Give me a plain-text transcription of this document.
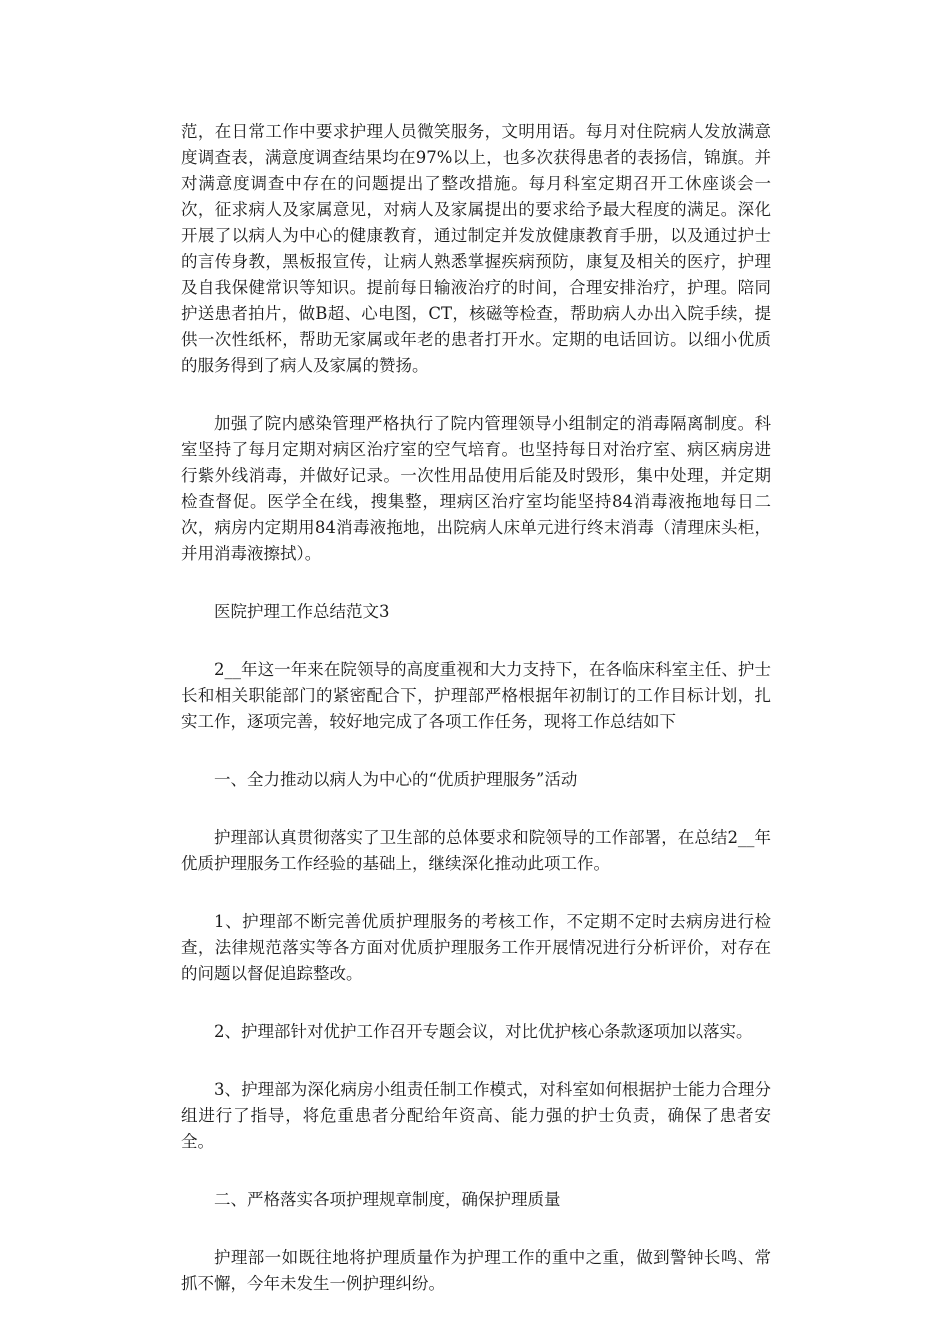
范，在日常工作中要求护理人员微笑服务，文明用语。每月对住院病人发放满意度调查表，满意度调查结果均在97%以上，也多次获得患者的表扬信，锦旗。并对满意度调查中存在的问题提出了整改措施。每月科室定期召开工休座谈会一次，征求病人及家属意见，对病人及家属提出的要求给予最大程度的满足。深化开展了以病人为中心的健康教育，通过制定并发放健康教育手册，以及通过护士的言传身教，黑板报宣传，让病人熟悉掌握疾病预防，康复及相关的医疗，护理及自我保健常识等知识。提前每日输液治疗的时间，合理安排治疗，护理。陪同护送患者拍片，做B超、心电图，CT，核磁等检查，帮助病人办出入院手续，提供一次性纸杯，帮助无家属或年老的患者打开水。定期的电话回访。以细小优质的服务得到了病人及家属的赞扬。

加强了院内感染管理严格执行了院内管理领导小组制定的消毒隔离制度。科室坚持了每月定期对病区治疗室的空气培育。也坚持每日对治疗室、病区病房进行紫外线消毒，并做好记录。一次性用品使用后能及时毁形，集中处理，并定期检查督促。医学全在线，搜集整，理病区治疗室均能坚持84消毒液拖地每日二次，病房内定期用84消毒液拖地，出院病人床单元进行终末消毒（清理床头柜，并用消毒液擦拭）。

医院护理工作总结范文3

2__年这一年来在院领导的高度重视和大力支持下，在各临床科室主任、护士长和相关职能部门的紧密配合下，护理部严格根据年初制订的工作目标计划，扎实工作，逐项完善，较好地完成了各项工作任务，现将工作总结如下

一、全力推动以病人为中心的“优质护理服务”活动

护理部认真贯彻落实了卫生部的总体要求和院领导的工作部署，在总结2__年优质护理服务工作经验的基础上，继续深化推动此项工作。

1、护理部不断完善优质护理服务的考核工作，不定期不定时去病房进行检查，法律规范落实等各方面对优质护理服务工作开展情况进行分析评价，对存在的问题以督促追踪整改。

2、护理部针对优护工作召开专题会议，对比优护核心条款逐项加以落实。

3、护理部为深化病房小组责任制工作模式，对科室如何根据护士能力合理分组进行了指导，将危重患者分配给年资高、能力强的护士负责，确保了患者安全。

二、严格落实各项护理规章制度，确保护理质量

护理部一如既往地将护理质量作为护理工作的重中之重，做到警钟长鸣、常抓不懈，今年未发生一例护理纠纷。
